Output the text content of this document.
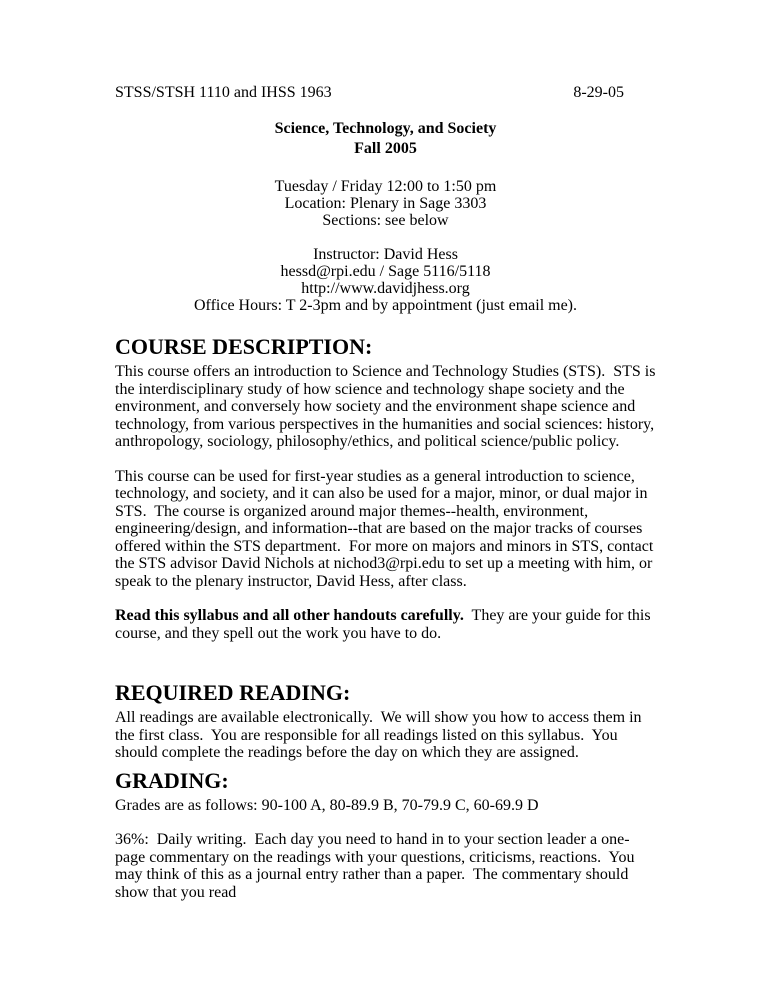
STSS/STSH 1110 and IHSS 1963	8-29-05
Science, Technology, and Society
Fall 2005
Tuesday / Friday 12:00 to 1:50 pm
Location: Plenary in Sage 3303
Sections: see below
Instructor: David Hess
hessd@rpi.edu / Sage 5116/5118
http://www.davidjhess.org
Office Hours: T 2-3pm and by appointment (just email me).
COURSE DESCRIPTION:

This course offers an introduction to Science and Technology Studies (STS).  STS is the interdisciplinary study of how science and technology shape society and the environment, and conversely how society and the environment shape science and technology, from various perspectives in the humanities and social sciences: history, anthropology, sociology, philosophy/ethics, and political science/public policy.

This course can be used for first-year studies as a general introduction to science, technology, and society, and it can also be used for a major, minor, or dual major in STS.  The course is organized around major themes--health, environment, engineering/design, and information--that are based on the major tracks of courses offered within the STS department.  For more on majors and minors in STS, contact the STS advisor David Nichols at nichod3@rpi.edu to set up a meeting with him, or speak to the plenary instructor, David Hess, after class.

Read this syllabus and all other handouts carefully.  They are your guide for this course, and they spell out the work you have to do.

REQUIRED READING:

All readings are available electronically.  We will show you how to access them in the first class.  You are responsible for all readings listed on this syllabus.  You should complete the readings before the day on which they are assigned.

GRADING:

Grades are as follows: 90-100 A, 80-89.9 B, 70-79.9 C, 60-69.9 D

36%:  Daily writing.  Each day you need to hand in to your section leader a one-page commentary on the readings with your questions, criticisms, reactions.  You may think of this as a journal entry rather than a paper.  The commentary should show that you read
